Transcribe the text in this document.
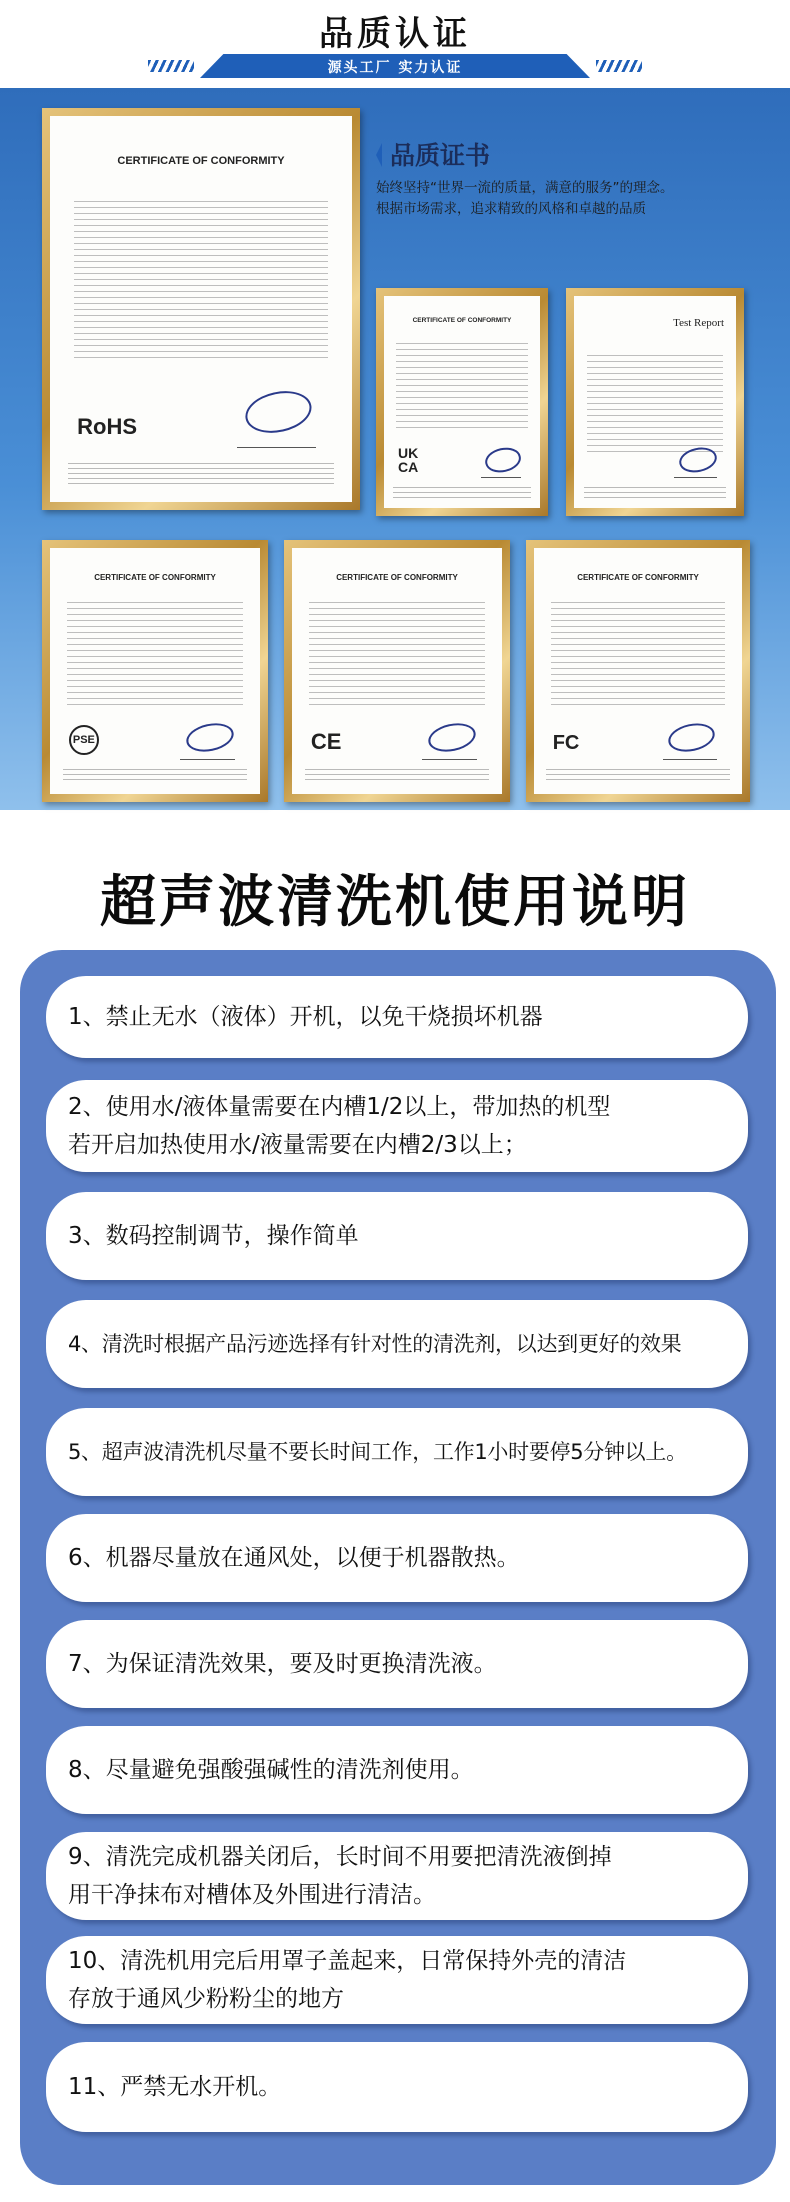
品质认证
源头工厂 实力认证
CERTIFICATE OF CONFORMITY
RoHS
品质证书
始终坚持“世界一流的质量，满意的服务”的理念。
根据市场需求，追求精致的风格和卓越的品质
CERTIFICATE OF CONFORMITY
UK CA
Test Report
CERTIFICATE OF CONFORMITY
PSE
CERTIFICATE OF CONFORMITY
CE
CERTIFICATE OF CONFORMITY
FC
超声波清洗机使用说明
1、禁止无水（液体）开机，以免干烧损坏机器
2、使用水/液体量需要在内槽1/2以上，带加热的机型
若开启加热使用水/液量需要在内槽2/3以上；
3、数码控制调节，操作简单
4、清洗时根据产品污迹选择有针对性的清洗剂，以达到更好的效果
5、超声波清洗机尽量不要长时间工作，工作1小时要停5分钟以上。
6、机器尽量放在通风处，以便于机器散热。
7、为保证清洗效果，要及时更换清洗液。
8、尽量避免强酸强碱性的清洗剂使用。
9、清洗完成机器关闭后，长时间不用要把清洗液倒掉
用干净抹布对槽体及外围进行清洁。
10、清洗机用完后用罩子盖起来，日常保持外壳的清洁
存放于通风少粉粉尘的地方
11、严禁无水开机。
